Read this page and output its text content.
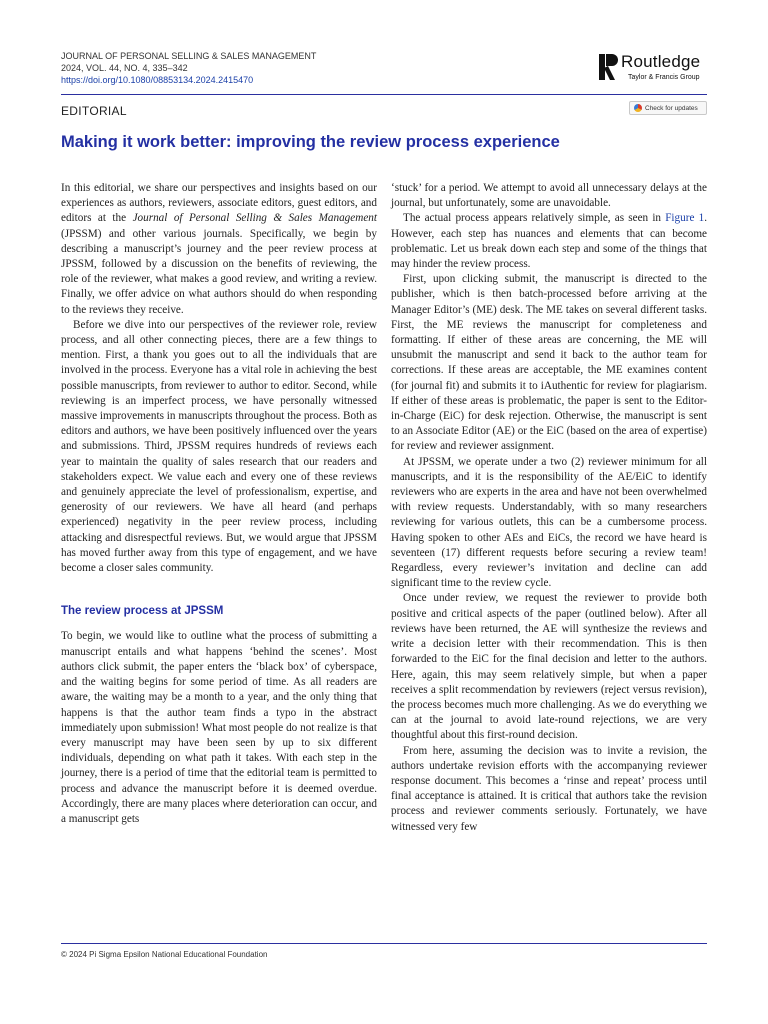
JOURNAL OF PERSONAL SELLING & SALES MANAGEMENT
2024, VOL. 44, NO. 4, 335–342
https://doi.org/10.1080/08853134.2024.2415470
Routledge
Taylor & Francis Group
EDITORIAL	Check for updates
Making it work better: improving the review process experience

In this editorial, we share our perspectives and insights based on our experiences as authors, reviewers, associate editors, guest editors, and editors at the Journal of Personal Selling & Sales Management (JPSSM) and other various journals. Specifically, we begin by describing a manuscript’s journey and the peer review process at JPSSM, followed by a discussion on the benefits of reviewing, the role of the reviewer, what makes a good review, and writing a review. Finally, we offer advice on what authors should do when responding to the reviews they receive.

Before we dive into our perspectives of the reviewer role, review process, and all other connecting pieces, there are a few things to mention. First, a thank you goes out to all the individuals that are involved in the process. Everyone has a vital role in achieving the best possible manuscripts, from reviewer to author to editor. Second, while reviewing is an imperfect process, we have personally witnessed massive improvements in manuscripts throughout the process. Both as editors and authors, we have been positively influenced over the years and submissions. Third, JPSSM requires hundreds of reviews each year to maintain the quality of sales research that our readers and stakeholders expect. We value each and every one of these reviews and genuinely appreciate the level of professionalism, expertise, and generosity of our reviewers. We have all heard (and perhaps experienced) negativity in the peer review process, including attacking and disrespectful reviews. But, we would argue that JPSSM has moved further away from this type of engagement, and we have become a closer sales community.

The review process at JPSSM

To begin, we would like to outline what the process of submitting a manuscript entails and what happens ‘behind the scenes’. Most authors click submit, the paper enters the ‘black box’ of cyberspace, and the waiting begins for some period of time. As all readers are aware, the waiting may be a month to a year, and the only thing that happens is that the author team finds a typo in the abstract immediately upon submission! What most people do not realize is that every manuscript may have been seen by up to six different individuals, depending on what path it takes. With each step in the journey, there is a period of time that the editorial team is permitted to process and advance the manuscript before it is deemed overdue. Accordingly, there are many places where deterioration can occur, and a manuscript gets

‘stuck’ for a period. We attempt to avoid all unnecessary delays at the journal, but unfortunately, some are unavoidable.

The actual process appears relatively simple, as seen in Figure 1. However, each step has nuances and elements that can become problematic. Let us break down each step and some of the things that may hinder the review process.

First, upon clicking submit, the manuscript is directed to the publisher, which is then batch-processed before arriving at the Manager Editor’s (ME) desk. The ME takes on several different tasks. First, the ME reviews the manuscript for completeness and formatting. If either of these areas are concerning, the ME will unsubmit the manuscript and send it back to the author team for corrections. If these areas are acceptable, the ME examines content (for journal fit) and submits it to iAuthentic for review for plagiarism. If either of these areas is problematic, the paper is sent to the Editor-in-Charge (EiC) for desk rejection. Otherwise, the manuscript is sent to an Associate Editor (AE) or the EiC (based on the area of expertise) for review and reviewer assignment.

At JPSSM, we operate under a two (2) reviewer minimum for all manuscripts, and it is the responsibility of the AE/EiC to identify reviewers who are experts in the area and have not been overwhelmed with review requests. Understandably, with so many researchers reviewing for various outlets, this can be a cumbersome process. Having spoken to other AEs and EiCs, the record we have heard is seventeen (17) different requests before securing a review team! Regardless, every reviewer’s invitation and decline can add significant time to the review cycle.

Once under review, we request the reviewer to provide both positive and critical aspects of the paper (outlined below). After all reviews have been returned, the AE will synthesize the reviews and write a decision letter with their recommendation. This is then forwarded to the EiC for the final decision and letter to the authors. Here, again, this may seem relatively simple, but when a paper receives a split recommendation by reviewers (reject versus revision), the process becomes much more challenging. As we do everything we can at the journal to avoid late-round rejections, we are very thoughtful about this first-round decision.

From here, assuming the decision was to invite a revision, the authors undertake revision efforts with the accompanying reviewer response document. This becomes a ‘rinse and repeat’ process until final acceptance is attained. It is critical that authors take the revision process and reviewer comments seriously. Fortunately, we have witnessed very few

© 2024 Pi Sigma Epsilon National Educational Foundation
